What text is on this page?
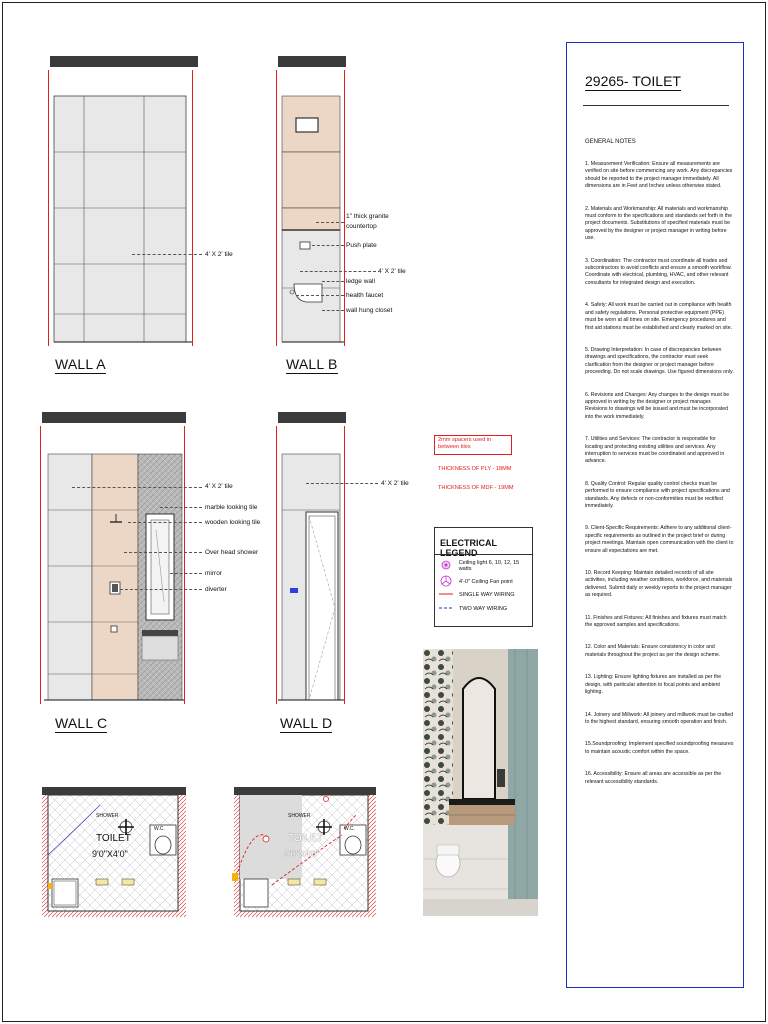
4' X 2' tile
WALL A
1" thick granite countertop
Push plate
4' X 2' tile
ledge wall
health faucet
wall hung closet
WALL B
4' X 2' tile
marble looking tile
wooden looking tile
Over head shower
mirror
diverter
WALL C
4' X 2' tile
WALL D
2mm spacers used in between tiles
THICKNESS OF PLY - 18MM
THICKNESS OF MDF - 19MM
ELECTRICAL LEGEND
Ceiling light 6, 10, 12, 15 watts
4'-0" Ceiling Fan point
SINGLE WAY WIRING
TWO WAY WIRING
SHOWER
W.C.
TOILET
9'0"X4'0"
SHOWER
W.C.
TOILET
9'0"X4'0"
29265- TOILET
GENERAL NOTES

1. Measurement Verification: Ensure all measurements are verified on site before commencing any work. Any discrepancies should be reported to the project manager immediately. All dimensions are in Feet and Inches unless otherwise stated.

2. Materials and Workmanship: All materials and workmanship must conform to the specifications and standards set forth in the project documents. Substitutions of specified materials must be approved by the designer or project manager in writing before use.

3. Coordination: The contractor must coordinate all trades and subcontractors to avoid conflicts and ensure a smooth workflow. Coordinate with electrical, plumbing, HVAC, and other relevant consultants for integrated design and execution.

4. Safety: All work must be carried out in compliance with health and safety regulations. Personal protective equipment (PPE) must be worn at all times on site. Emergency procedures and first aid stations must be established and clearly marked on site.

5. Drawing Interpretation: In case of discrepancies between drawings and specifications, the contractor must seek clarification from the designer or project manager before proceeding. Do not scale drawings. Use figured dimensions only.

6. Revisions and Changes: Any changes to the design must be approved in writing by the designer or project manager. Revisions to drawings will be issued and must be incorporated into the work immediately.

7. Utilities and Services: The contractor is responsible for locating and protecting existing utilities and services. Any interruption to services must be coordinated and approved in advance.

8. Quality Control: Regular quality control checks must be performed to ensure compliance with project specifications and standards. Any defects or non-conformities must be rectified immediately.

9. Client-Specific Requirements: Adhere to any additional client-specific requirements as outlined in the project brief or during project meetings. Maintain open communication with the client to ensure all expectations are met.

10. Record Keeping: Maintain detailed records of all site activities, including weather conditions, workforce, and materials delivered. Submit daily or weekly reports to the project manager as required.

11. Finishes and Fixtures: All finishes and fixtures must match the approved samples and specifications.

12. Color and Materials: Ensure consistency in color and materials throughout the project as per the design scheme.

13. Lighting: Ensure lighting fixtures are installed as per the design, with particular attention to focal points and ambient lighting.

14. Joinery and Millwork: All joinery and millwork must be crafted to the highest standard, ensuring smooth operation and finish.

15.Soundproofing: Implement specified soundproofing measures to maintain acoustic comfort within the space.

16. Accessibility: Ensure all areas are accessible as per the relevant accessibility standards.
